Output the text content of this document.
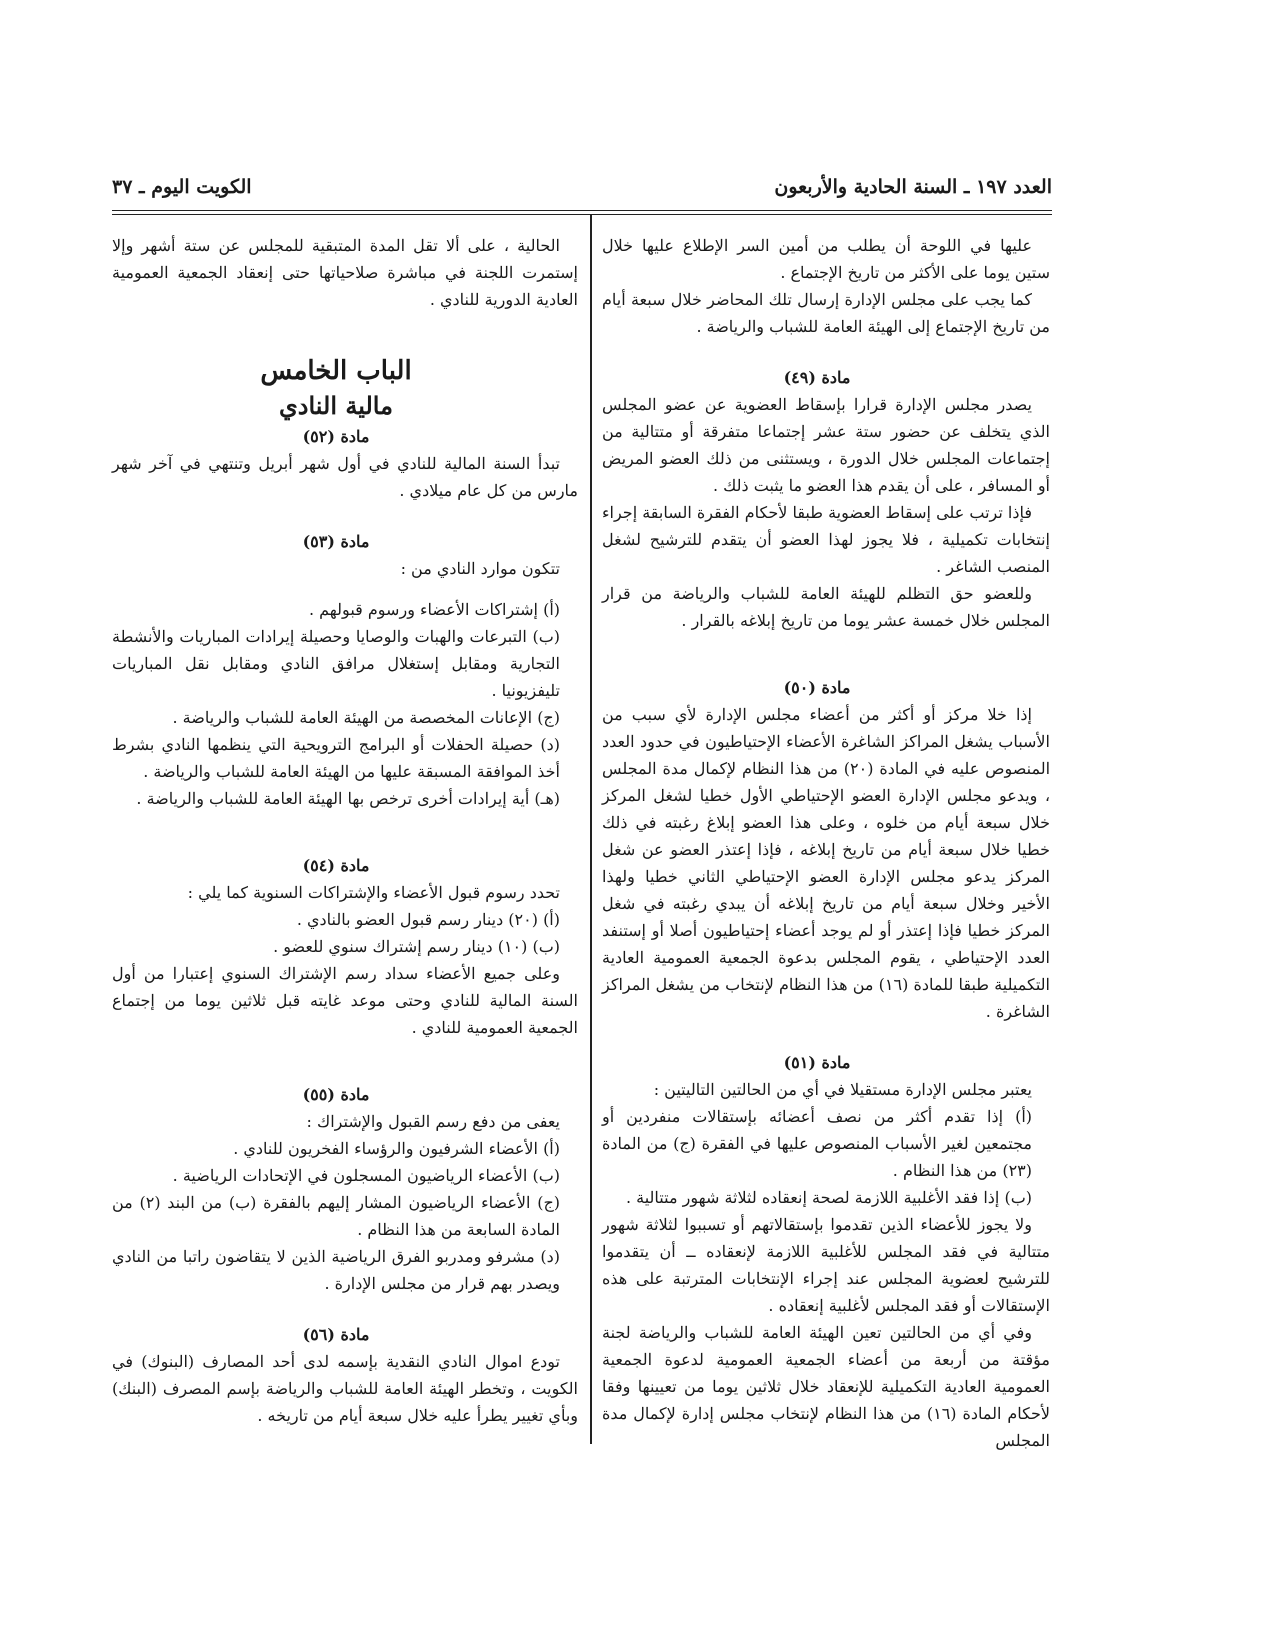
العدد ١٩٧ ـ السنة الحادية والأربعون
الكويت اليوم ـ ٣٧

عليها في اللوحة أن يطلب من أمين السر الإطلاع عليها خلال ستين يوما على الأكثر من تاريخ الإجتماع .

كما يجب على مجلس الإدارة إرسال تلك المحاضر خلال سبعة أيام من تاريخ الإجتماع إلى الهيئة العامة للشباب والرياضة .

مادة (٤٩)

يصدر مجلس الإدارة قرارا بإسقاط العضوية عن عضو المجلس الذي يتخلف عن حضور ستة عشر إجتماعا متفرقة أو متتالية من إجتماعات المجلس خلال الدورة ، ويستثنى من ذلك العضو المريض أو المسافر ، على أن يقدم هذا العضو ما يثبت ذلك .

فإذا ترتب على إسقاط العضوية طبقا لأحكام الفقرة السابقة إجراء إنتخابات تكميلية ، فلا يجوز لهذا العضو أن يتقدم للترشيح لشغل المنصب الشاغر .

وللعضو حق التظلم للهيئة العامة للشباب والرياضة من قرار المجلس خلال خمسة عشر يوما من تاريخ إبلاغه بالقرار .

مادة (٥٠)

إذا خلا مركز أو أكثر من أعضاء مجلس الإدارة لأي سبب من الأسباب يشغل المراكز الشاغرة الأعضاء الإحتياطيون في حدود العدد المنصوص عليه في المادة (٢٠) من هذا النظام لإكمال مدة المجلس ، ويدعو مجلس الإدارة العضو الإحتياطي الأول خطيا لشغل المركز خلال سبعة أيام من خلوه ، وعلى هذا العضو إبلاغ رغبته في ذلك خطيا خلال سبعة أيام من تاريخ إبلاغه ، فإذا إعتذر العضو عن شغل المركز يدعو مجلس الإدارة العضو الإحتياطي الثاني خطيا ولهذا الأخير وخلال سبعة أيام من تاريخ إبلاغه أن يبدي رغبته في شغل المركز خطيا فإذا إعتذر أو لم يوجد أعضاء إحتياطيون أصلا أو إستنفد العدد الإحتياطي ، يقوم المجلس بدعوة الجمعية العمومية العادية التكميلية طبقا للمادة (١٦) من هذا النظام لإنتخاب من يشغل المراكز الشاغرة .

مادة (٥١)

يعتبر مجلس الإدارة مستقيلا في أي من الحالتين التاليتين :

(أ) إذا تقدم أكثر من نصف أعضائه بإستقالات منفردين أو مجتمعين لغير الأسباب المنصوص عليها في الفقرة (ج) من المادة (٢٣) من هذا النظام .

(ب) إذا فقد الأغلبية اللازمة لصحة إنعقاده لثلاثة شهور متتالية .

ولا يجوز للأعضاء الذين تقدموا بإستقالاتهم أو تسببوا لثلاثة شهور متتالية في فقد المجلس للأغلبية اللازمة لإنعقاده ــ أن يتقدموا للترشيح لعضوية المجلس عند إجراء الإنتخابات المترتبة على هذه الإستقالات أو فقد المجلس لأغلبية إنعقاده .

وفي أي من الحالتين تعين الهيئة العامة للشباب والرياضة لجنة مؤقتة من أربعة من أعضاء الجمعية العمومية لدعوة الجمعية العمومية العادية التكميلية للإنعقاد خلال ثلاثين يوما من تعيينها وفقا لأحكام المادة (١٦) من هذا النظام لإنتخاب مجلس إدارة لإكمال مدة المجلس

الحالية ، على ألا تقل المدة المتبقية للمجلس عن ستة أشهر وإلا إستمرت اللجنة في مباشرة صلاحياتها حتى إنعقاد الجمعية العمومية العادية الدورية للنادي .

الباب الخامس

مالية النادي

مادة (٥٢)

تبدأ السنة المالية للنادي في أول شهر أبريل وتنتهي في آخر شهر مارس من كل عام ميلادي .

مادة (٥٣)

تتكون موارد النادي من :

(أ) إشتراكات الأعضاء ورسوم قبولهم .

(ب) التبرعات والهبات والوصايا وحصيلة إيرادات المباريات والأنشطة التجارية ومقابل إستغلال مرافق النادي ومقابل نقل المباريات تليفزيونيا .

(ج) الإعانات المخصصة من الهيئة العامة للشباب والرياضة .

(د) حصيلة الحفلات أو البرامج الترويحية التي ينظمها النادي بشرط أخذ الموافقة المسبقة عليها من الهيئة العامة للشباب والرياضة .

(هـ) أية إيرادات أخرى ترخص بها الهيئة العامة للشباب والرياضة .

مادة (٥٤)

تحدد رسوم قبول الأعضاء والإشتراكات السنوية كما يلي :

(أ) (٢٠) دينار رسم قبول العضو بالنادي .

(ب) (١٠) دينار رسم إشتراك سنوي للعضو .

وعلى جميع الأعضاء سداد رسم الإشتراك السنوي إعتبارا من أول السنة المالية للنادي وحتى موعد غايته قبل ثلاثين يوما من إجتماع الجمعية العمومية للنادي .

مادة (٥٥)

يعفى من دفع رسم القبول والإشتراك :

(أ) الأعضاء الشرفيون والرؤساء الفخريون للنادي .

(ب) الأعضاء الرياضيون المسجلون في الإتحادات الرياضية .

(ج) الأعضاء الرياضيون المشار إليهم بالفقرة (ب) من البند (٢) من المادة السابعة من هذا النظام .

(د) مشرفو ومدربو الفرق الرياضية الذين لا يتقاضون راتبا من النادي ويصدر بهم قرار من مجلس الإدارة .

مادة (٥٦)

تودع اموال النادي النقدية بإسمه لدى أحد المصارف (البنوك) في الكويت ، وتخطر الهيئة العامة للشباب والرياضة بإسم المصرف (البنك) وبأي تغيير يطرأ عليه خلال سبعة أيام من تاريخه .
